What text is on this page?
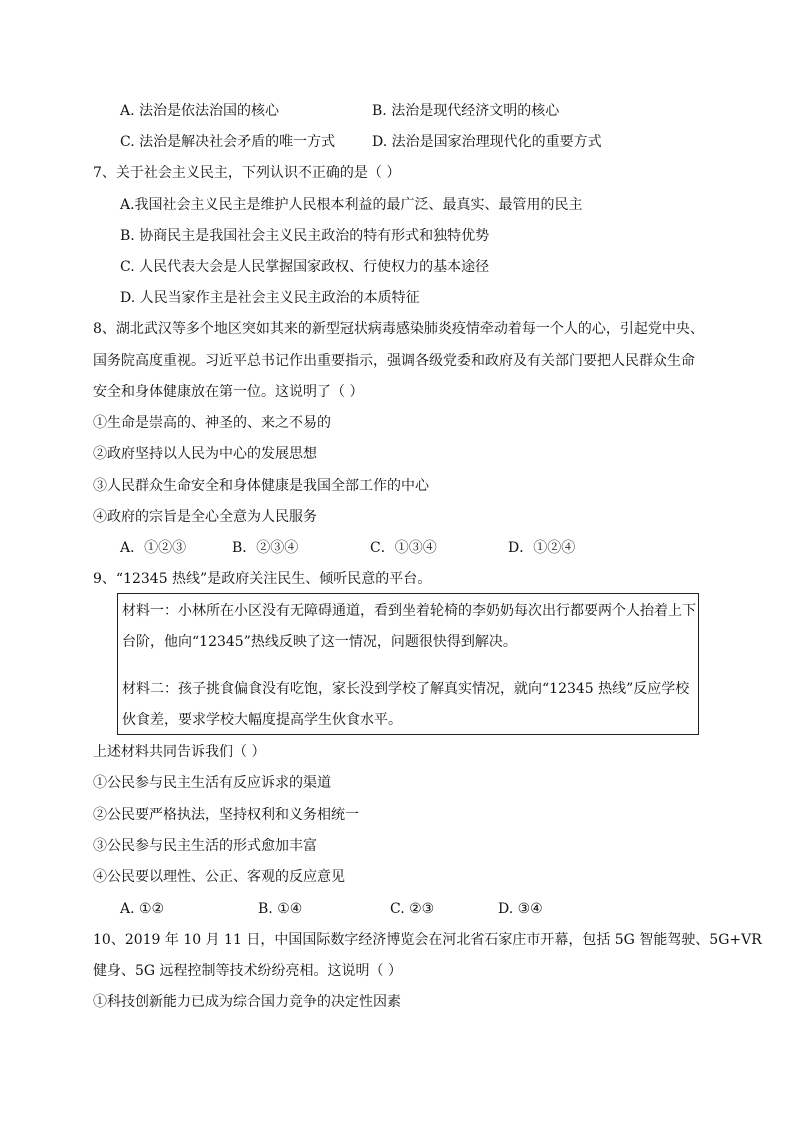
A. 法治是依法治国的核心	B. 法治是现代经济文明的核心
C. 法治是解决社会矛盾的唯一方式	D. 法治是国家治理现代化的重要方式
7、关于社会主义民主，下列认识不正确的是（ ）
A.我国社会主义民主是维护人民根本利益的最广泛、最真实、最管用的民主
B. 协商民主是我国社会主义民主政治的特有形式和独特优势
C. 人民代表大会是人民掌握国家政权、行使权力的基本途径
D. 人民当家作主是社会主义民主政治的本质特征
8、湖北武汉等多个地区突如其来的新型冠状病毒感染肺炎疫情牵动着每一个人的心，引起党中央、
国务院高度重视。习近平总书记作出重要指示，强调各级党委和政府及有关部门要把人民群众生命
安全和身体健康放在第一位。这说明了（ ）
①生命是崇高的、神圣的、来之不易的
②政府坚持以人民为中心的发展思想
③人民群众生命安全和身体健康是我国全部工作的中心
④政府的宗旨是全心全意为人民服务
A．①②③	B．②③④	C．①③④	D．①②④
9、“12345 热线”是政府关注民生、倾听民意的平台。
材料一：小林所在小区没有无障碍通道，看到坐着轮椅的李奶奶每次出行都要两个人抬着上下
台阶，他向“12345”热线反映了这一情况，问题很快得到解决。
材料二：孩子挑食偏食没有吃饱，家长没到学校了解真实情况，就向“12345 热线”反应学校
伙食差，要求学校大幅度提高学生伙食水平。
上述材料共同告诉我们（ ）
①公民参与民主生活有反应诉求的渠道
②公民要严格执法，坚持权利和义务相统一
③公民参与民主生活的形式愈加丰富
④公民要以理性、公正、客观的反应意见
A. ①②	B. ①④	C. ②③	D. ③④
10、2019 年 10 月 11 日，中国国际数字经济博览会在河北省石家庄市开幕，包括 5G 智能驾驶、5G+VR
健身、5G 远程控制等技术纷纷亮相。这说明（ ）
①科技创新能力已成为综合国力竞争的决定性因素
